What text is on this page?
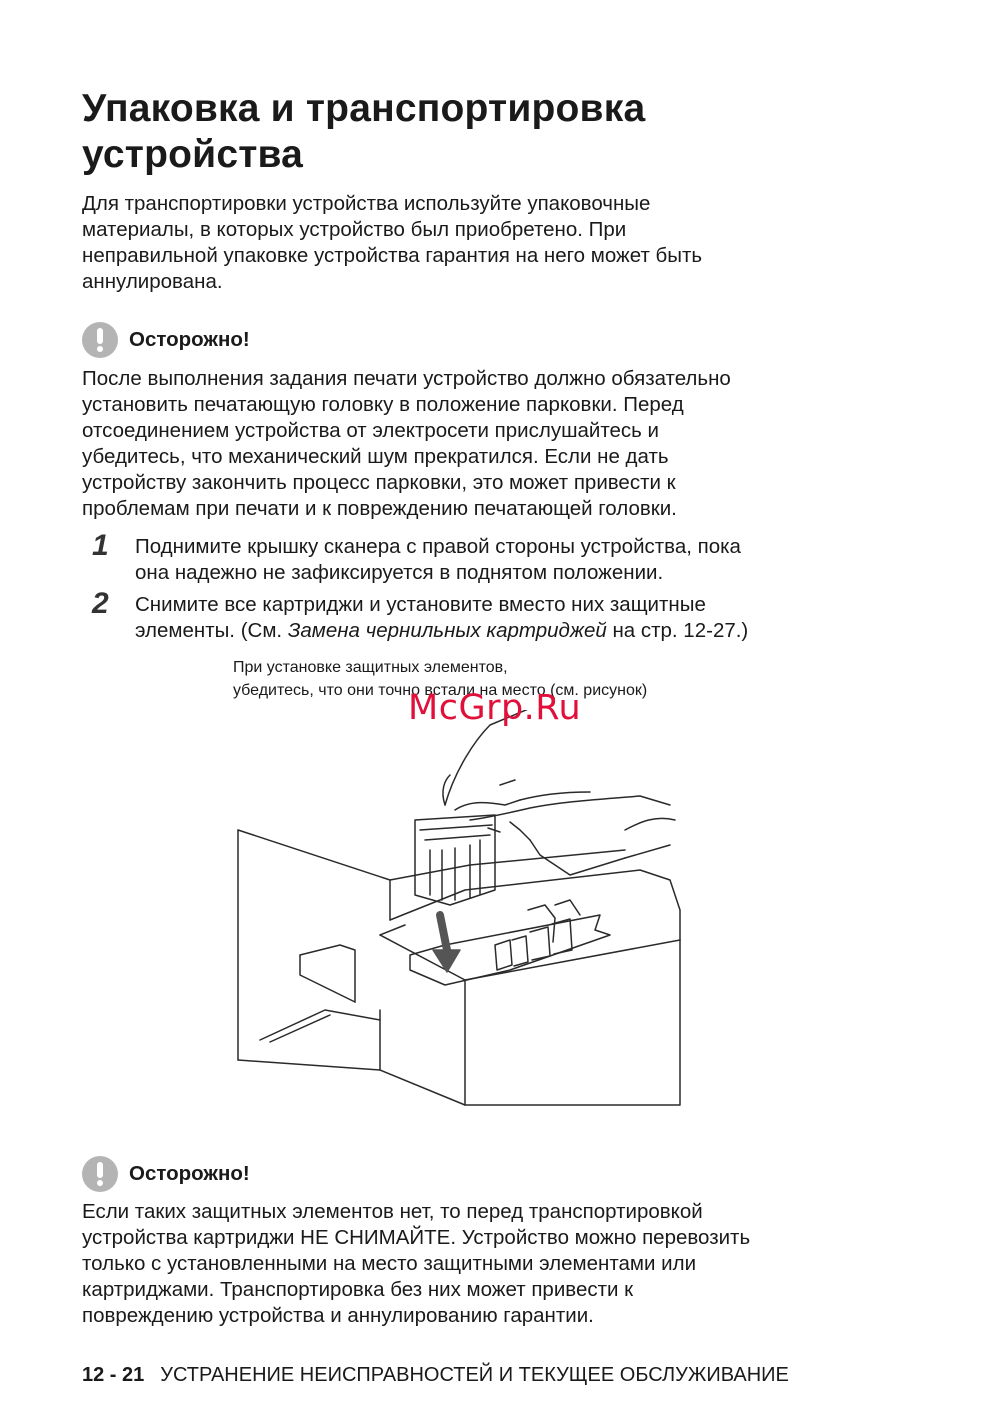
Упаковка и транспортировка
устройства

Для транспортировки устройства используйте упаковочные
материалы, в которых устройство был приобретено. При
неправильной упаковке устройства гарантия на него может быть
аннулирована.

Осторожно!

После выполнения задания печати устройство должно обязательно
установить печатающую головку в положение парковки. Перед
отсоединением устройства от электросети прислушайтесь и
убедитесь, что механический шум прекратился. Если не дать
устройству закончить процесс парковки, это может привести к
проблемам при печати и к повреждению печатающей головки.

1 Поднимите крышку сканера с правой стороны устройства, пока
она надежно не зафиксируется в поднятом положении.
2 Снимите все картриджи и установите вместо них защитные
элементы. (См. Замена чернильных картриджей на стр. 12-27.)
При установке защитных элементов,
убедитесь, что они точно встали на место (см. рисунок)
McGrp.Ru
Осторожно!

Если таких защитных элементов нет, то перед транспортировкой
устройства картриджи НЕ СНИМАЙТЕ. Устройство можно перевозить
только с установленными на место защитными элементами или
картриджами. Транспортировка без них может привести к
повреждению устройства и аннулированию гарантии.

12 - 21 УСТРАНЕНИЕ НЕИСПРАВНОСТЕЙ И ТЕКУЩЕЕ ОБСЛУЖИВАНИЕ
